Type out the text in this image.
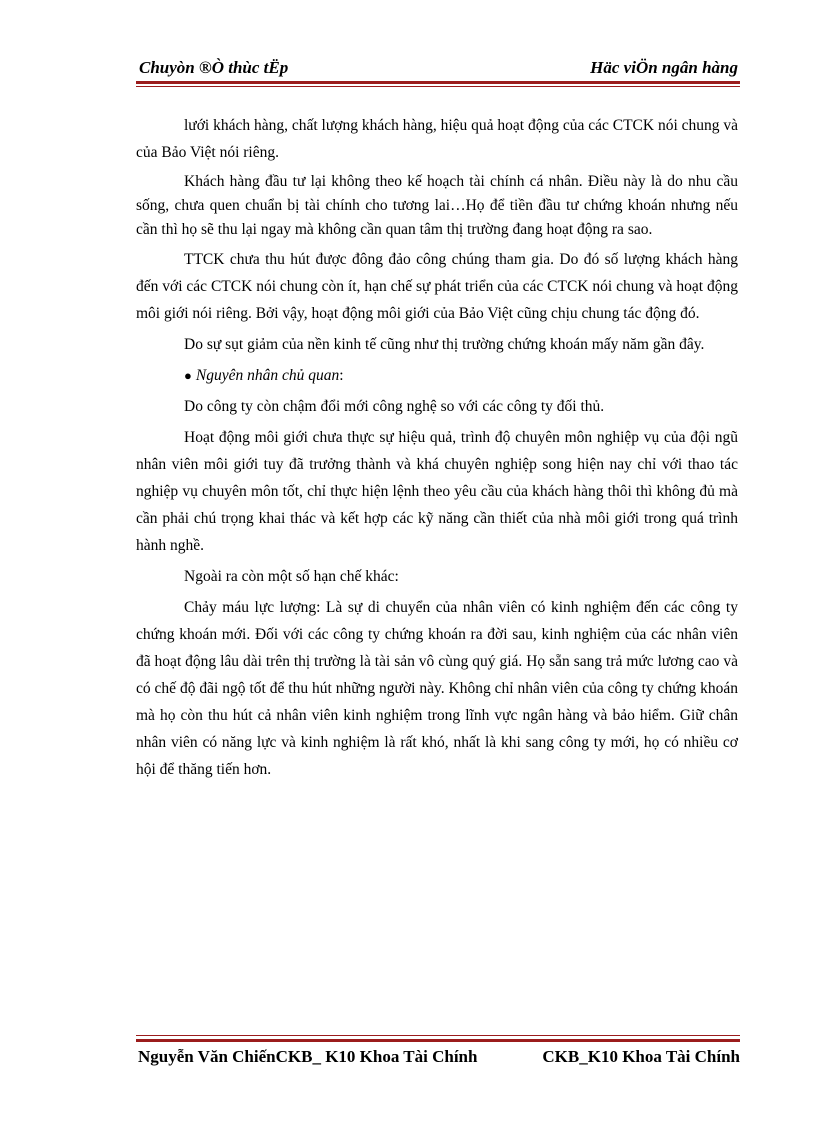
Chuyòn ®Ò thùc tËp	Häc viÖn ngân hàng

lưới khách hàng, chất lượng khách hàng, hiệu quả hoạt động của các CTCK nói chung và của Bảo Việt nói riêng.

Khách hàng đầu tư lại không theo kế hoạch tài chính cá nhân. Điều này là do nhu cầu sống, chưa quen chuẩn bị tài chính cho tương lai…Họ để tiền đầu tư chứng khoán nhưng nếu cần thì họ sẽ thu lại ngay mà không cần quan tâm thị trường đang hoạt động ra sao.

TTCK chưa thu hút được đông đảo công chúng tham gia. Do đó số lượng khách hàng đến với các CTCK nói chung còn ít, hạn chế sự phát triển của các CTCK nói chung và hoạt động môi giới nói riêng. Bởi vậy, hoạt động môi giới của Bảo Việt cũng chịu chung tác động đó.

Do sự sụt giảm của nền kinh tế cũng như thị trường chứng khoán mấy năm gần đây.

● Nguyên nhân chủ quan:

Do công ty còn chậm đổi mới công nghệ so với các công ty đối thủ.

Hoạt động môi giới chưa thực sự hiệu quả, trình độ chuyên môn nghiệp vụ của đội ngũ nhân viên môi giới tuy đã trưởng thành và khá chuyên nghiệp song hiện nay chỉ với thao tác nghiệp vụ chuyên môn tốt, chỉ thực hiện lệnh theo yêu cầu của khách hàng thôi thì không đủ mà cần phải chú trọng khai thác và kết hợp các kỹ năng cần thiết của nhà môi giới trong quá trình hành nghề.

Ngoài ra còn một số hạn chế khác:

Chảy máu lực lượng: Là sự di chuyển của nhân viên có kinh nghiệm đến các công ty chứng khoán mới. Đối với các công ty chứng khoán ra đời sau, kinh nghiệm của các nhân viên đã hoạt động lâu dài trên thị trường là tài sản vô cùng quý giá. Họ sẵn sang trả mức lương cao và có chế độ đãi ngộ tốt để thu hút những người này. Không chỉ nhân viên của công ty chứng khoán mà họ còn thu hút cả nhân viên kinh nghiệm trong lĩnh vực ngân hàng và bảo hiểm. Giữ chân nhân viên có năng lực và kinh nghiệm là rất khó, nhất là khi sang công ty mới, họ có nhiều cơ hội để thăng tiến hơn.

Nguyễn Văn ChiếnCKB_ K10 Khoa Tài Chính	CKB_K10 Khoa Tài Chính
